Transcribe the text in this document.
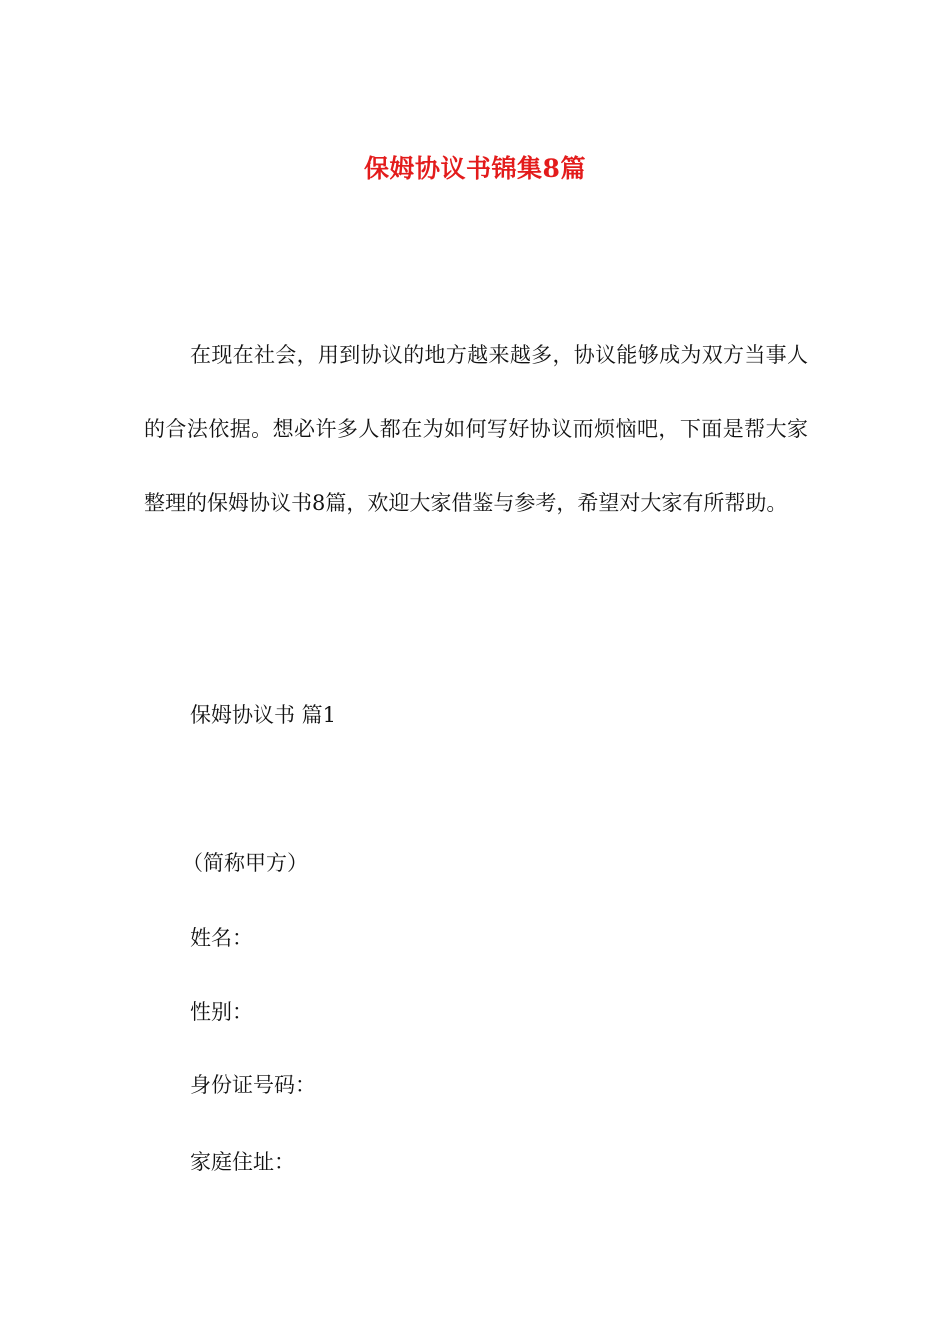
保姆协议书锦集8篇

在现在社会，用到协议的地方越来越多，协议能够成为双方当事人的合法依据。想必许多人都在为如何写好协议而烦恼吧，下面是帮大家整理的保姆协议书8篇，欢迎大家借鉴与参考，希望对大家有所帮助。

保姆协议书 篇1

（简称甲方）

姓名：

性别：

身份证号码：

家庭住址：
